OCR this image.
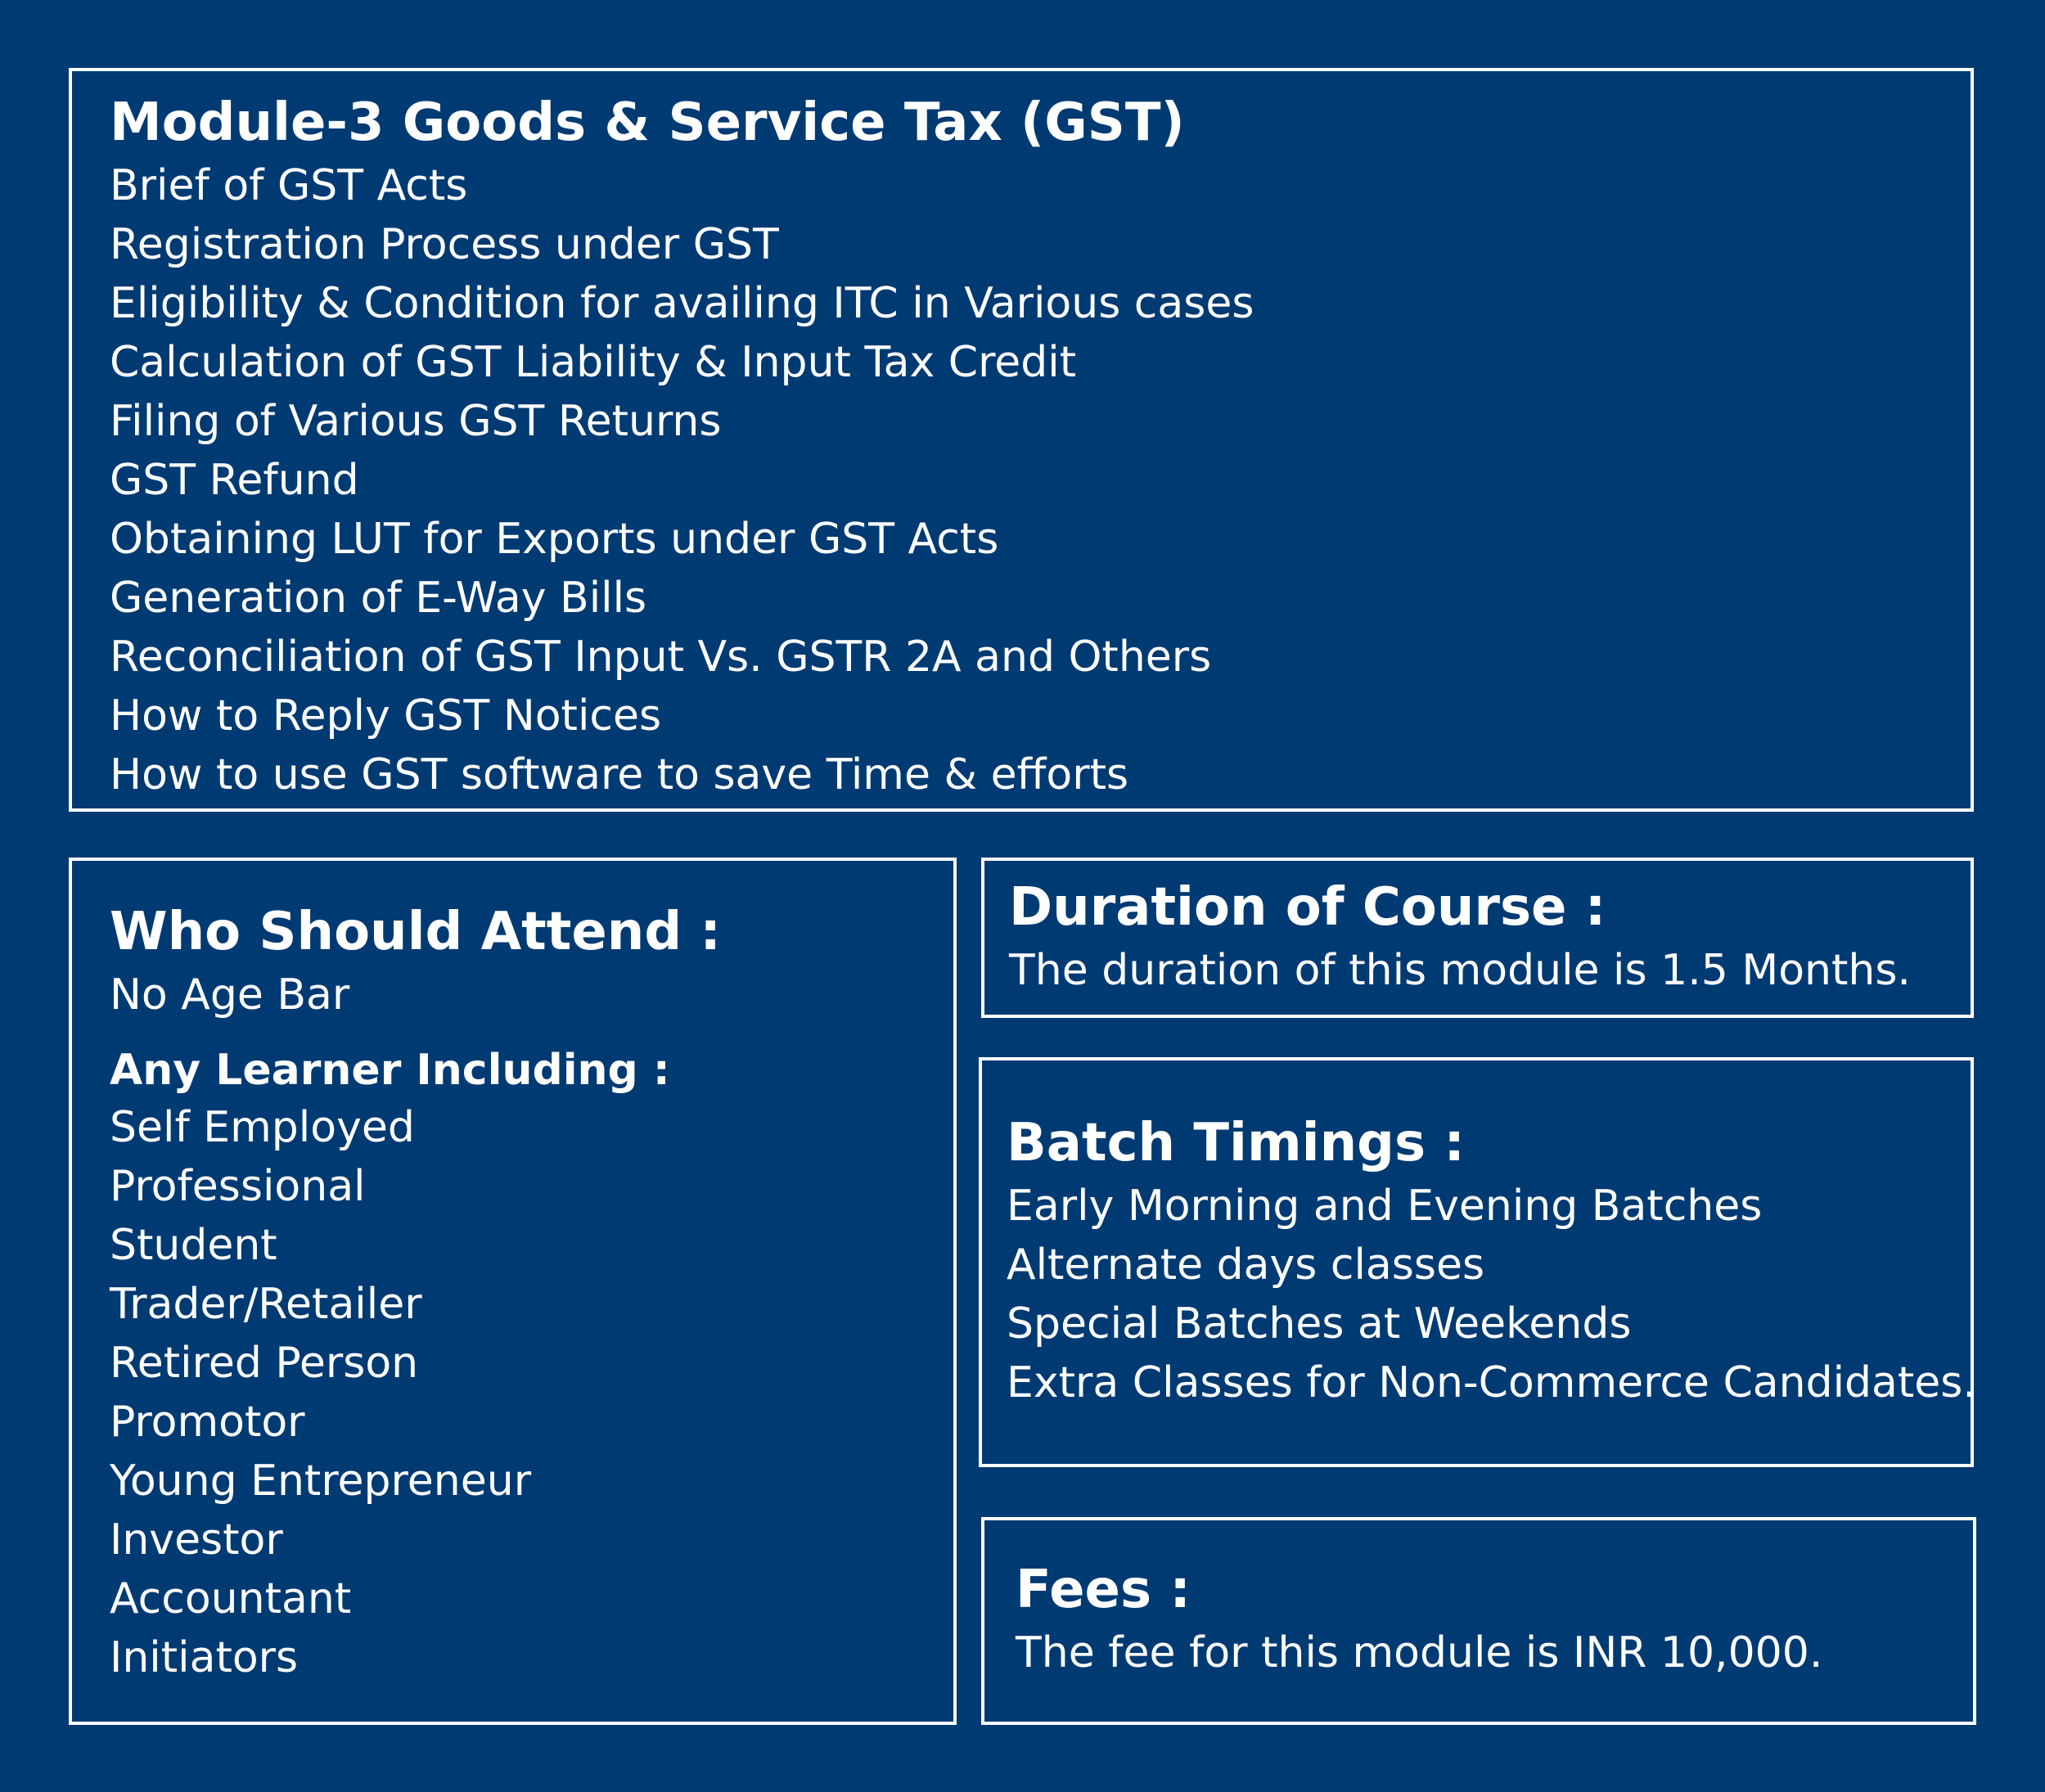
Module-3 Goods & Service Tax (GST)

Brief of GST Acts

Registration Process under GST

Eligibility & Condition for availing ITC in Various cases

Calculation of GST Liability & Input Tax Credit

Filing of Various GST Returns

GST Refund

Obtaining LUT for Exports under GST Acts

Generation of E-Way Bills

Reconciliation of GST Input Vs. GSTR 2A and Others

How to Reply GST Notices

How to use GST software to save Time & efforts

Who Should Attend :

No Age Bar

Any Learner Including :

Self Employed

Professional

Student

Trader/Retailer

Retired Person

Promotor

Young Entrepreneur

Investor

Accountant

Initiators

Duration of Course :

The duration of this module is 1.5 Months.

Batch Timings :

Early Morning and Evening Batches

Alternate days classes

Special Batches at Weekends

Extra Classes for Non-Commerce Candidates.

Fees :

The fee for this module is INR 10,000.
